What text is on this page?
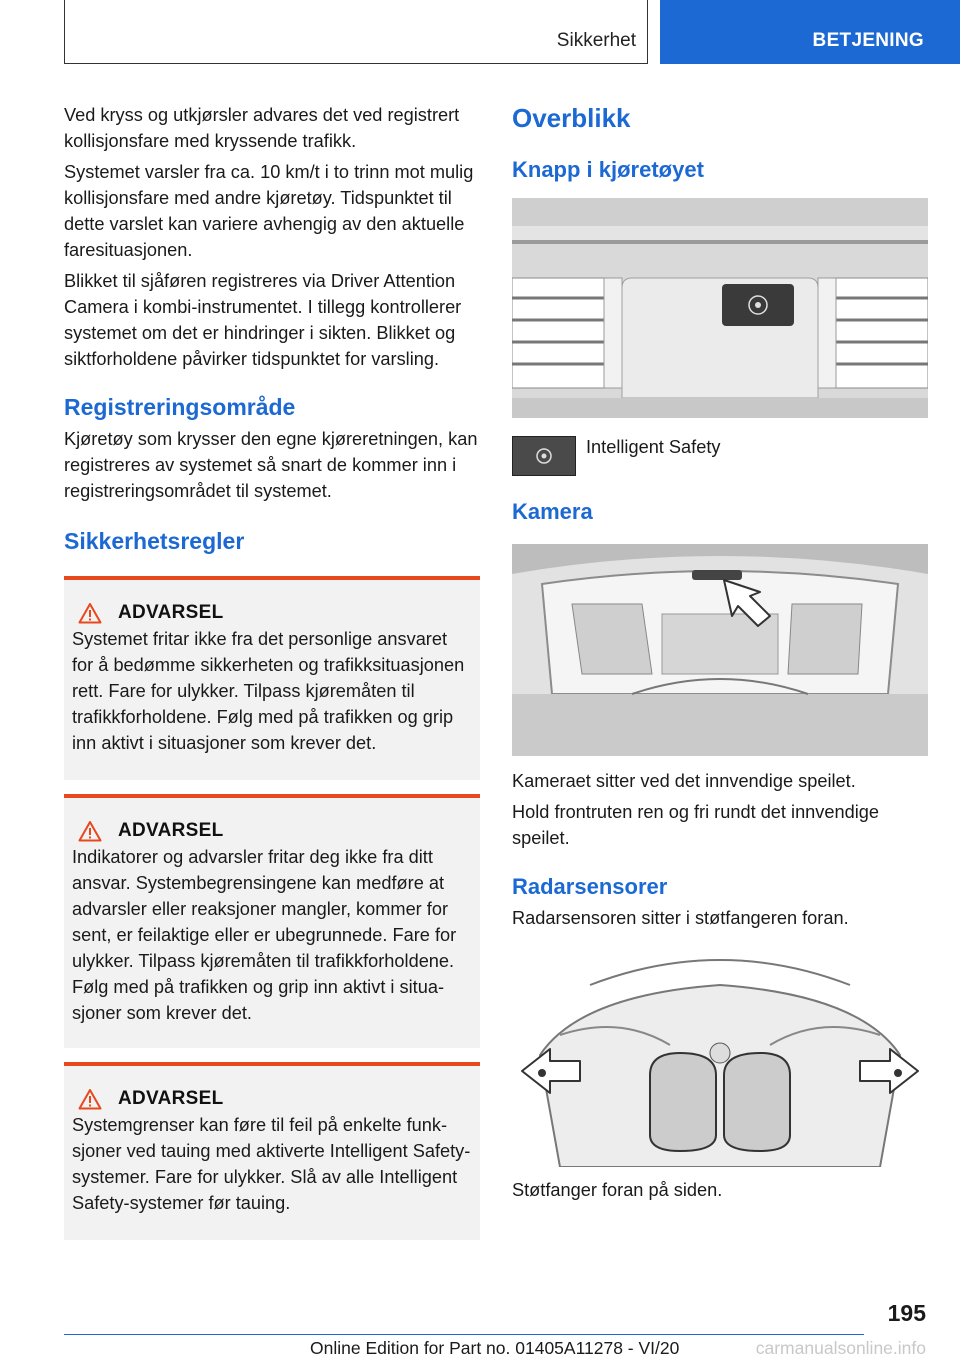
Sikkerhet	BETJENING

Ved kryss og utkjørsler advares det ved registrert kollisjonsfare med kryssende trafikk.

Systemet varsler fra ca. 10 km/t i to trinn mot mulig kollisjonsfare med andre kjøretøy. Tidspunktet til dette varslet kan variere avhengig av den aktuelle faresituasjonen.

Blikket til sjåføren registreres via Driver Attention Camera i kombi-instrumentet. I tillegg kontrollerer systemet om det er hindringer i sikten. Blikket og siktforholdene påvirker tidspunktet for varsling.

Registreringsområde

Kjøretøy som krysser den egne kjøreretningen, kan registreres av systemet så snart de kommer inn i registreringsområdet til systemet.

Sikkerhetsregler
ADVARSEL

Systemet fritar ikke fra det personlige ansvaret for å bedømme sikkerheten og trafikksituasjonen rett. Fare for ulykker. Tilpass kjøremåten til trafikkforholdene. Følg med på trafikken og grip inn aktivt i situasjoner som krever det.

ADVARSEL

Indikatorer og advarsler fritar deg ikke fra ditt ansvar. Systembegrensingene kan medføre at advarsler eller reaksjoner mangler, kommer for sent, er feilaktige eller er ubegrunnede. Fare for ulykker. Tilpass kjøremåten til trafikkforholdene. Følg med på trafikken og grip inn aktivt i situasjoner som krever det.

ADVARSEL

Systemgrenser kan føre til feil på enkelte funksjoner ved tauing med aktiverte Intelligent Safety-systemer. Fare for ulykker. Slå av alle Intelligent Safety-systemer før tauing.

Overblikk
Knapp i kjøretøyet

Intelligent Safety

Kamera

Kameraet sitter ved det innvendige speilet.

Hold frontruten ren og fri rundt det innvendige speilet.

Radarsensorer

Radarsensoren sitter i støtfangeren foran.

Støtfanger foran på siden.

195
Online Edition for Part no. 01405A11278 - VI/20	carmanualsonline.info
